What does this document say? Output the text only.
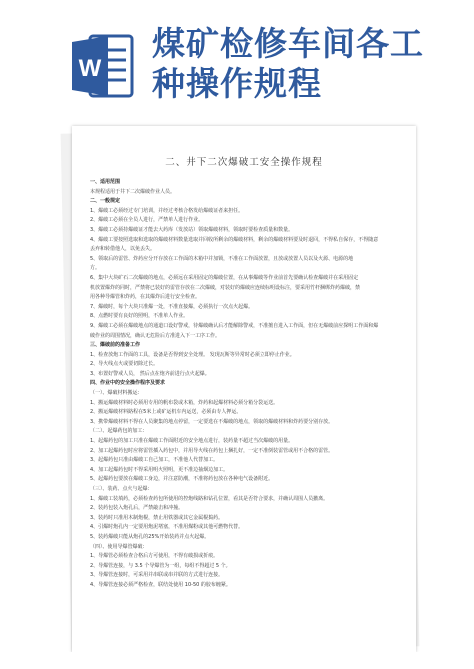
W
煤矿检修车间各工
种操作规程
二、井下二次爆破工安全操作规程
一、适用范围
本规程适用于井下二次爆破作业人员。
二、一般规定
1、爆破工必须经过专门培训，并经过考核合格发给爆破证者来担任。
2、爆破工必须在全员人进行，严禁单人进行作业。
3、爆破工必须持爆破证才能去大药库（发放站）领取爆破材料，领取时要检查质量和数量。
4、爆破工要按照选取和选取的爆破材料数量选取并回收所剩余的爆破材料，剩余的爆破材料要及时退回，不得私自保存，不得随意
丢弃和转借他人，以免丢失。
5、领取后的雷管、炸药应分开存放在工作面的木箱中并加锁，不准在工作面放置，且放或放置人员以及火源、电源的地
方。
6、集中大块矿石二次爆破的地点，必须远在采用固定的爆破位置，在从事爆破等作业前首先要确认检查爆破并在采用固定
机放置爆炸的同时，严禁将已装好的雷管存放在二次爆破，对装好的爆破应连续标明设标注，要采用竹杆捆绑炸药爆破，禁
用各种导爆管和炸药，在其爆炸后进行安全检查。
7、爆破时，每个大块只准爆一处，不准直接爆，必须执行一次点火起爆。
8、点燃时要有良好的照明，不准单人作业。
9、爆破工必须在爆破地点的通道口设好警戒，待爆破确认后才能解除警戒，不准擅自进入工作面，但在无爆破前应探明工作面和爆
破作业的周围情况，确认无危险后方准进入下一工序工作。
三、爆破前的准备工作
1、检查放炮工作面的工具，设备是否得到安全处理。 发现瓦斯等异常时必须立即停止作业。
2、导火线点火或要切除过长。
3、布置好警戒人员， 然后点在炮齐前进行点火起爆。
四、作业中的安全操作程序及要求
（一）、爆破材料搬运：
1、搬运爆破材料时必须用专用的帆布袋或木箱，炸药和起爆材料必须分箱分袋运送。
2、搬运爆破材料路程在5米上或矿运机车内运送，必须由专人押运。
3、携带爆破材料不得在人员聚集的地点停留，一定要选在不爆破的地点，领取的爆破材料和炸药要分别存放。
（二）、起爆药包的加工：
1、起爆药包的加工只准在爆破工作面附近的安全地点进行，装药量不超过当次爆破的用量。
2、加工起爆药包时应将雷管插入药包中，并用导火线在药包上捆扎好，一定不准倒装雷管或用不合格的雷管。
3、起爆药包只准由爆破工自己加工，不准他人代替加工。
4、加工起爆药包时不得采用明火照明，更不准边抽烟边加工。
5、起爆药包要放在爆破工身边，并注意防潮，不准将药包放在各种电气设备附近。
（三）、装药、点火与起爆：
1、爆破工装填药，必须检查药包所使用的控炮线路和钻孔位置，看其是否符合要求，并确认周围人员撤离。
2、装药包装入炮孔后，严禁敲击和冲撞。
3、装药时只准用木制炮棍，禁止用铁器或其它金属棍捣药。
4、引爆时炮孔内一定要用炮泥堵塞，不准用煤粉或其他可燃物代替。
5、装药爆破只能从炮孔的25%开始装药并点火起爆。
（四）、使用导爆管爆破：
1、导爆管必须检查合格后方可使用，不得有破损或折痕。
2、导爆管连接，与 3.5 个导爆管为一组，每组不得超过 5 个。
3、导爆管连接时，可采用并串联或串并联的方式进行连接。
4、导爆管连接必须严格检查，联结处使用 10-50 的胶布缠紧。
